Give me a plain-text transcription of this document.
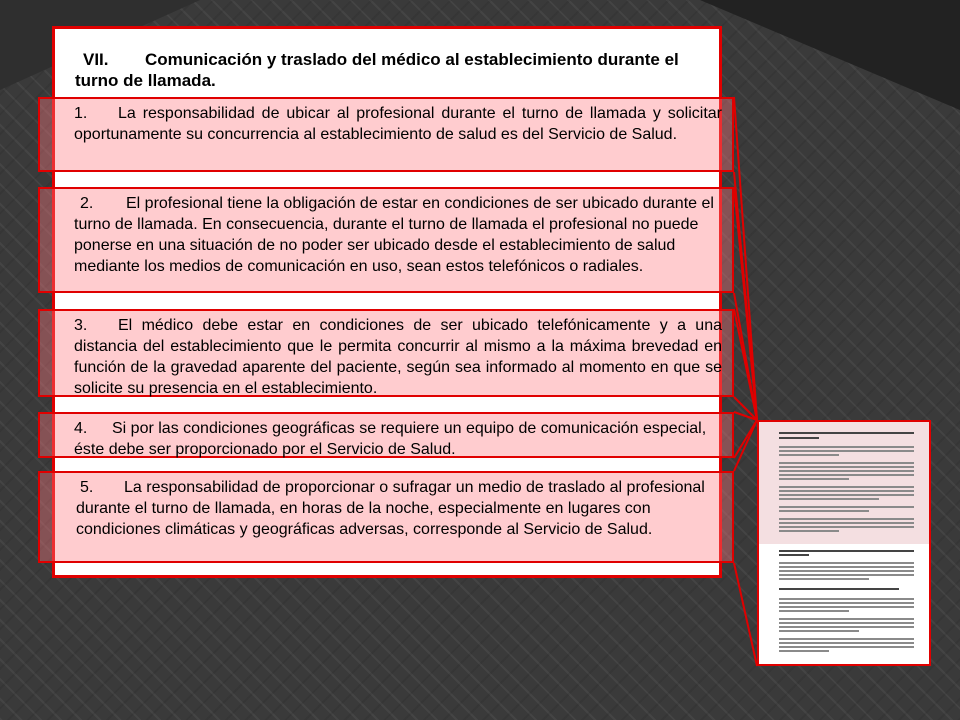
VII. Comunicación y traslado del médico al establecimiento durante el turno de llamada.
1. La responsabilidad de ubicar al profesional durante el turno de llamada y solicitar oportunamente su concurrencia al establecimiento de salud es del Servicio de Salud.
2. El profesional tiene la obligación de estar en condiciones de ser ubicado durante el turno de llamada. En consecuencia, durante el turno de llamada el profesional no puede ponerse en una situación de no poder ser ubicado desde el establecimiento de salud mediante los medios de comunicación en uso, sean estos telefónicos o radiales.
3. El médico debe estar en condiciones de ser ubicado telefónicamente y a una distancia del establecimiento que le permita concurrir al mismo a la máxima brevedad en función de la gravedad aparente del paciente, según sea informado al momento en que se solicite su presencia en el establecimiento.
4. Si por las condiciones geográficas se requiere un equipo de comunicación especial, éste debe ser proporcionado por el Servicio de Salud.
5. La responsabilidad de proporcionar o sufragar un medio de traslado al profesional durante el turno de llamada, en horas de la noche, especialmente en lugares con condiciones climáticas y geográficas adversas, corresponde al Servicio de Salud.
